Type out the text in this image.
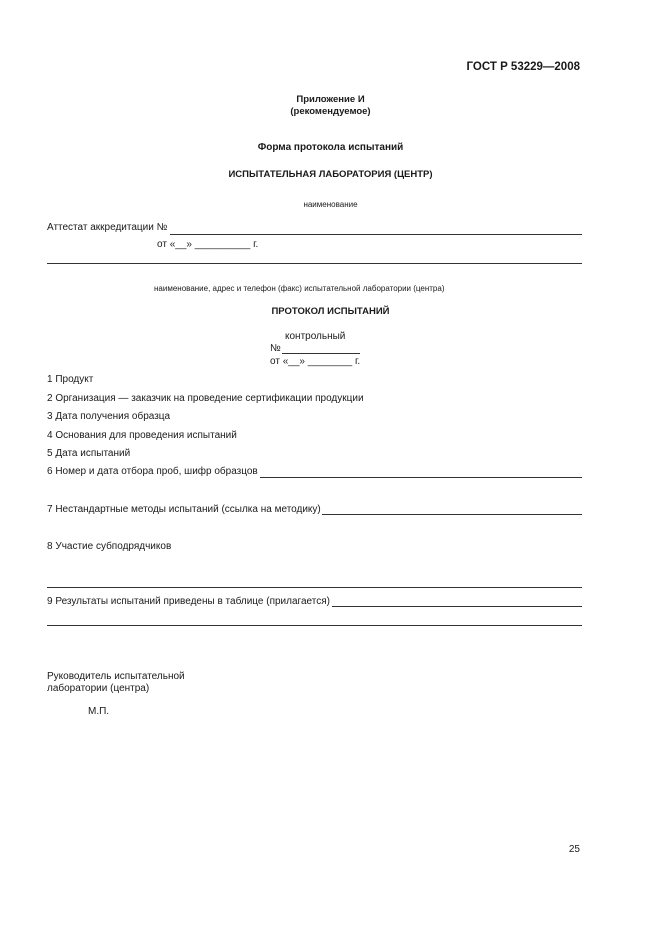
ГОСТ Р 53229—2008
Приложение И
(рекомендуемое)
Форма протокола испытаний
ИСПЫТАТЕЛЬНАЯ ЛАБОРАТОРИЯ (ЦЕНТР)
наименование
Аттестат аккредитации №
от «__» __________ г.
наименование, адрес и телефон (факс) испытательной лаборатории (центра)
ПРОТОКОЛ ИСПЫТАНИЙ
контрольный
№
от «__» ________ г.
1 Продукт
2 Организация — заказчик на проведение сертификации продукции
3 Дата получения образца
4 Основания для проведения испытаний
5 Дата испытаний
6 Номер и дата отбора проб, шифр образцов
7 Нестандартные методы испытаний (ссылка на методику)
8 Участие субподрядчиков
9 Результаты испытаний приведены в таблице (прилагается)
Руководитель испытательной
лаборатории (центра)
М.П.
25
